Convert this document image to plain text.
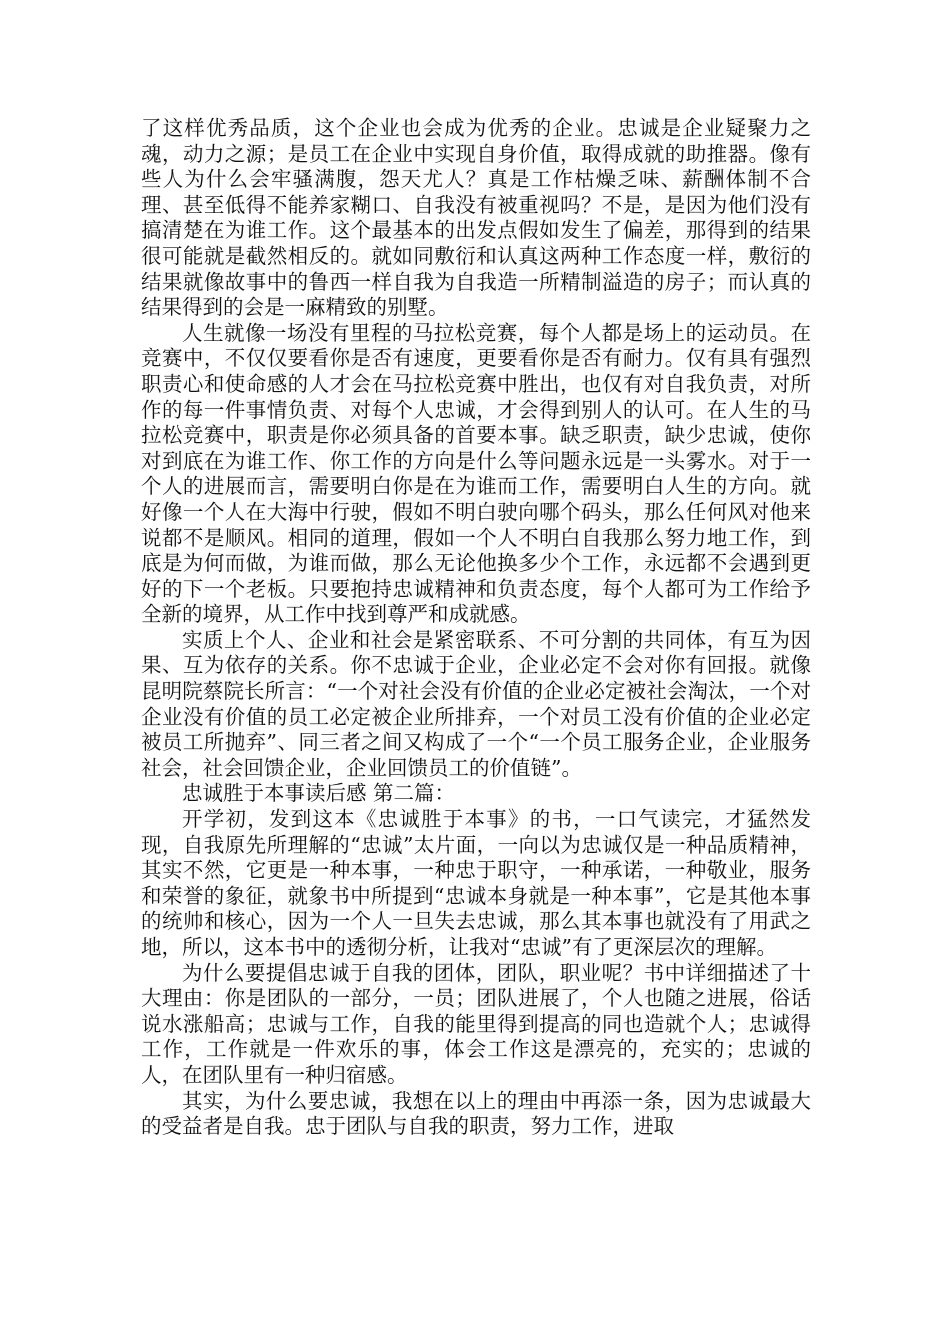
了这样优秀品质，这个企业也会成为优秀的企业。忠诚是企业疑聚力之魂，动力之源；是员工在企业中实现自身价值，取得成就的助推器。像有些人为什么会牢骚满腹，怨天尤人？真是工作枯燥乏味、薪酬体制不合理、甚至低得不能养家糊口、自我没有被重视吗？不是，是因为他们没有搞清楚在为谁工作。这个最基本的出发点假如发生了偏差，那得到的结果很可能就是截然相反的。就如同敷衍和认真这两种工作态度一样，敷衍的结果就像故事中的鲁西一样自我为自我造一所精制溢造的房子；而认真的结果得到的会是一麻精致的别墅。

人生就像一场没有里程的马拉松竞赛，每个人都是场上的运动员。在竞赛中，不仅仅要看你是否有速度，更要看你是否有耐力。仅有具有强烈职责心和使命感的人才会在马拉松竞赛中胜出，也仅有对自我负责，对所作的每一件事情负责、对每个人忠诚，才会得到别人的认可。在人生的马拉松竞赛中，职责是你必须具备的首要本事。缺乏职责，缺少忠诚，使你对到底在为谁工作、你工作的方向是什么等问题永远是一头雾水。对于一个人的进展而言，需要明白你是在为谁而工作，需要明白人生的方向。就好像一个人在大海中行驶，假如不明白驶向哪个码头，那么任何风对他来说都不是顺风。相同的道理，假如一个人不明白自我那么努力地工作，到底是为何而做，为谁而做，那么无论他换多少个工作，永远都不会遇到更好的下一个老板。只要抱持忠诚精神和负责态度，每个人都可为工作给予全新的境界，从工作中找到尊严和成就感。

实质上个人、企业和社会是紧密联系、不可分割的共同体，有互为因果、互为依存的关系。你不忠诚于企业，企业必定不会对你有回报。就像昆明院蔡院长所言：“一个对社会没有价值的企业必定被社会淘汰，一个对企业没有价值的员工必定被企业所排弃，一个对员工没有价值的企业必定被员工所抛弃”、同三者之间又构成了一个“一个员工服务企业，企业服务社会，社会回馈企业，企业回馈员工的价值链”。

忠诚胜于本事读后感 第二篇：

开学初，发到这本《忠诚胜于本事》的书，一口气读完，才猛然发现，自我原先所理解的“忠诚”太片面，一向以为忠诚仅是一种品质精神，其实不然，它更是一种本事，一种忠于职守，一种承诺，一种敬业，服务和荣誉的象征，就象书中所提到“忠诚本身就是一种本事”，它是其他本事的统帅和核心，因为一个人一旦失去忠诚，那么其本事也就没有了用武之地，所以，这本书中的透彻分析，让我对“忠诚”有了更深层次的理解。

为什么要提倡忠诚于自我的团体，团队，职业呢？书中详细描述了十大理由：你是团队的一部分，一员；团队进展了，个人也随之进展，俗话说水涨船高；忠诚与工作，自我的能里得到提高的同也造就个人；忠诚得工作，工作就是一件欢乐的事，体会工作这是漂亮的，充实的；忠诚的人，在团队里有一种归宿感。

其实，为什么要忠诚，我想在以上的理由中再添一条，因为忠诚最大的受益者是自我。忠于团队与自我的职责，努力工作，进取
